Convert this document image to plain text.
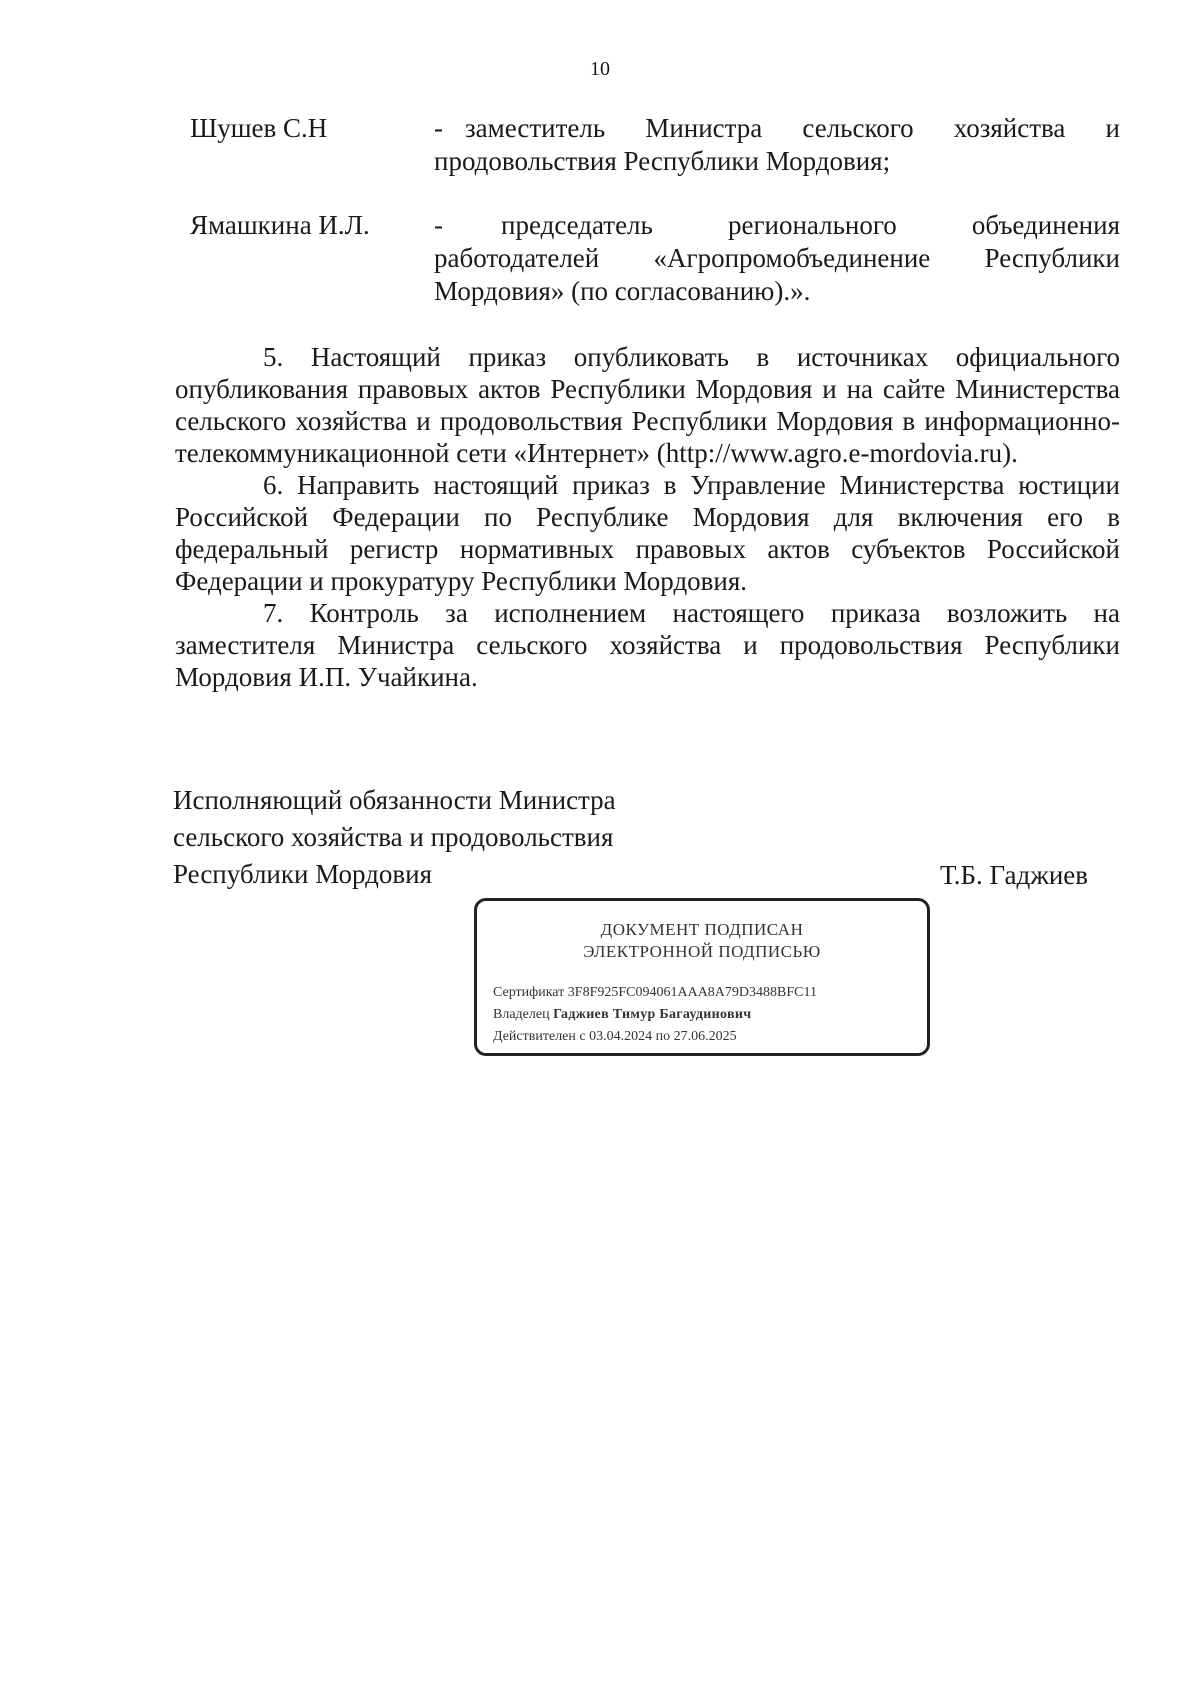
10
Шушев С.Н	- заместитель Министра сельского хозяйства и
продовольствия Республики Мордовия;
Ямашкина И.Л. - председатель регионального объединения
работодателей «Агропромобъединение Республики Мордовия» (по согласованию).».

5. Настоящий приказ опубликовать в источниках официального опубликования правовых актов Республики Мордовия и на сайте Министерства сельского хозяйства и продовольствия Республики Мордовия в информационно-телекоммуникационной сети «Интернет» (http://www.agro.e-mordovia.ru).

6. Направить настоящий приказ в Управление Министерства юстиции Российской Федерации по Республике Мордовия для включения его в федеральный регистр нормативных правовых актов субъектов Российской Федерации и прокуратуру Республики Мордовия.

7. Контроль за исполнением настоящего приказа возложить на заместителя Министра сельского хозяйства и продовольствия Республики Мордовия И.П. Учайкина.

Исполняющий обязанности Министра
сельского хозяйства и продовольствия
Республики Мордовия	Т.Б. Гаджиев
ДОКУМЕНТ ПОДПИСАН
ЭЛЕКТРОННОЙ ПОДПИСЬЮ
Сертификат 3F8F925FC094061AAA8A79D3488BFC11
Владелец Гаджиев Тимур Багаудинович
Действителен с 03.04.2024 по 27.06.2025
